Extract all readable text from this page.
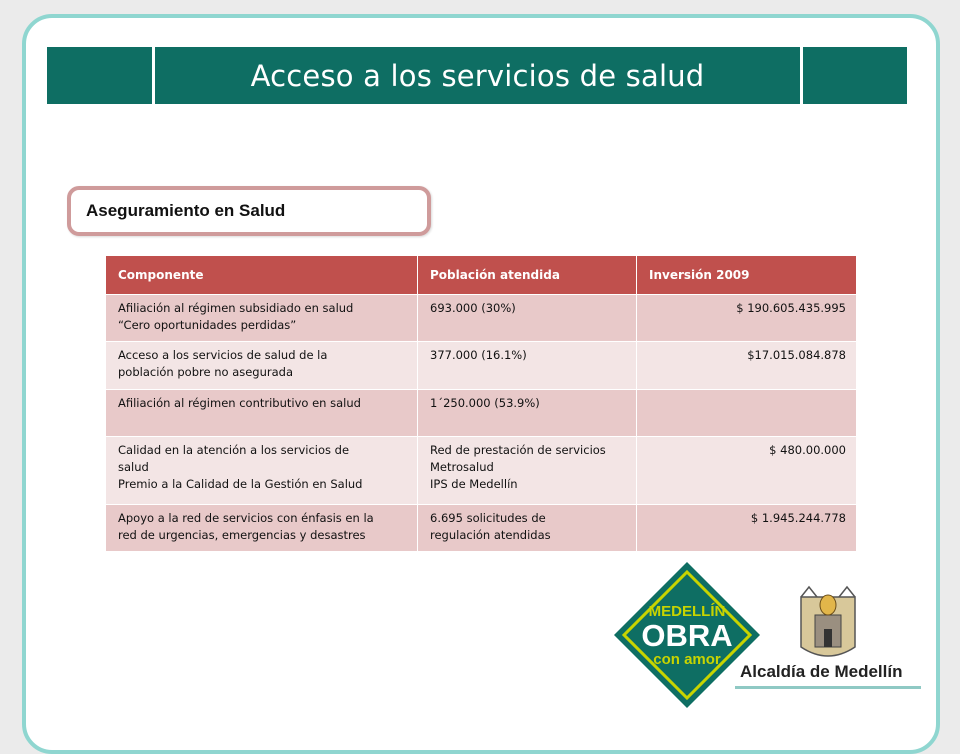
Acceso a los servicios de salud
Aseguramiento en Salud
Componente	Población atendida	Inversión 2009

Afiliación al régimen subsidiado en salud
“Cero oportunidades perdidas”	693.000 (30%)	$ 190.605.435.995

Acceso a los servicios de salud de la
población pobre no asegurada	377.000 (16.1%)	$17.015.084.878

Afiliación al régimen contributivo en salud	1´250.000 (53.9%)	

Calidad en la atención a los servicios de
salud
Premio a la Calidad de la Gestión en Salud	Red de prestación de servicios
Metrosalud
IPS de Medellín	$ 480.00.000

Apoyo a la red de servicios con énfasis en la
red de urgencias, emergencias y desastres	6.695 solicitudes de
regulación atendidas	$ 1.945.244.778
MEDELLÍN
OBRA
con amor
Alcaldía de Medellín
